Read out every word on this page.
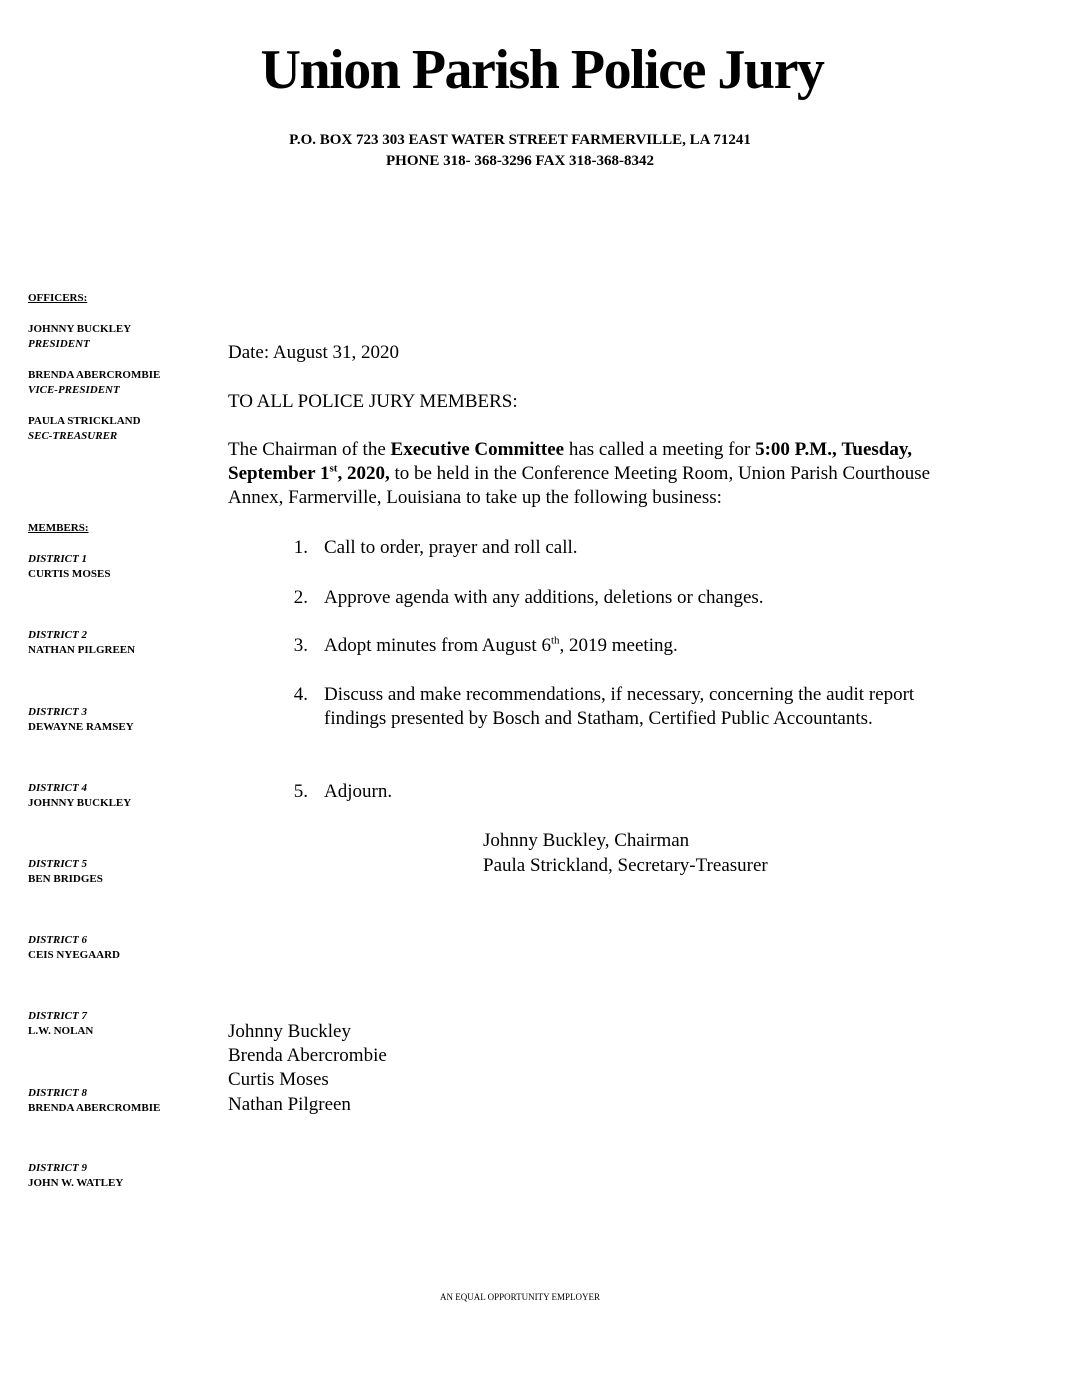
Union Parish Police Jury
P.O. BOX 723 303 EAST WATER STREET FARMERVILLE, LA 71241
PHONE 318- 368-3296 FAX 318-368-8342
OFFICERS:
JOHNNY BUCKLEY
PRESIDENT
BRENDA ABERCROMBIE
VICE-PRESIDENT
PAULA STRICKLAND
SEC-TREASURER
MEMBERS:
DISTRICT 1
CURTIS MOSES
DISTRICT 2
NATHAN PILGREEN
DISTRICT 3
DEWAYNE RAMSEY
DISTRICT 4
JOHNNY BUCKLEY
DISTRICT 5
BEN BRIDGES
DISTRICT 6
CEIS NYEGAARD
DISTRICT 7
L.W. NOLAN
DISTRICT 8
BRENDA ABERCROMBIE
DISTRICT 9
JOHN W. WATLEY
Date: August 31, 2020
TO ALL POLICE JURY MEMBERS:
The Chairman of the Executive Committee has called a meeting for 5:00 P.M., Tuesday, September 1st, 2020, to be held in the Conference Meeting Room, Union Parish Courthouse Annex, Farmerville, Louisiana to take up the following business:
1. Call to order, prayer and roll call.
2. Approve agenda with any additions, deletions or changes.
3. Adopt minutes from August 6th, 2019 meeting.
4. Discuss and make recommendations, if necessary, concerning the audit report findings presented by Bosch and Statham, Certified Public Accountants.
5. Adjourn.
Johnny Buckley, Chairman
Paula Strickland, Secretary-Treasurer
Johnny Buckley
Brenda Abercrombie
Curtis Moses
Nathan Pilgreen
AN EQUAL OPPORTUNITY EMPLOYER
